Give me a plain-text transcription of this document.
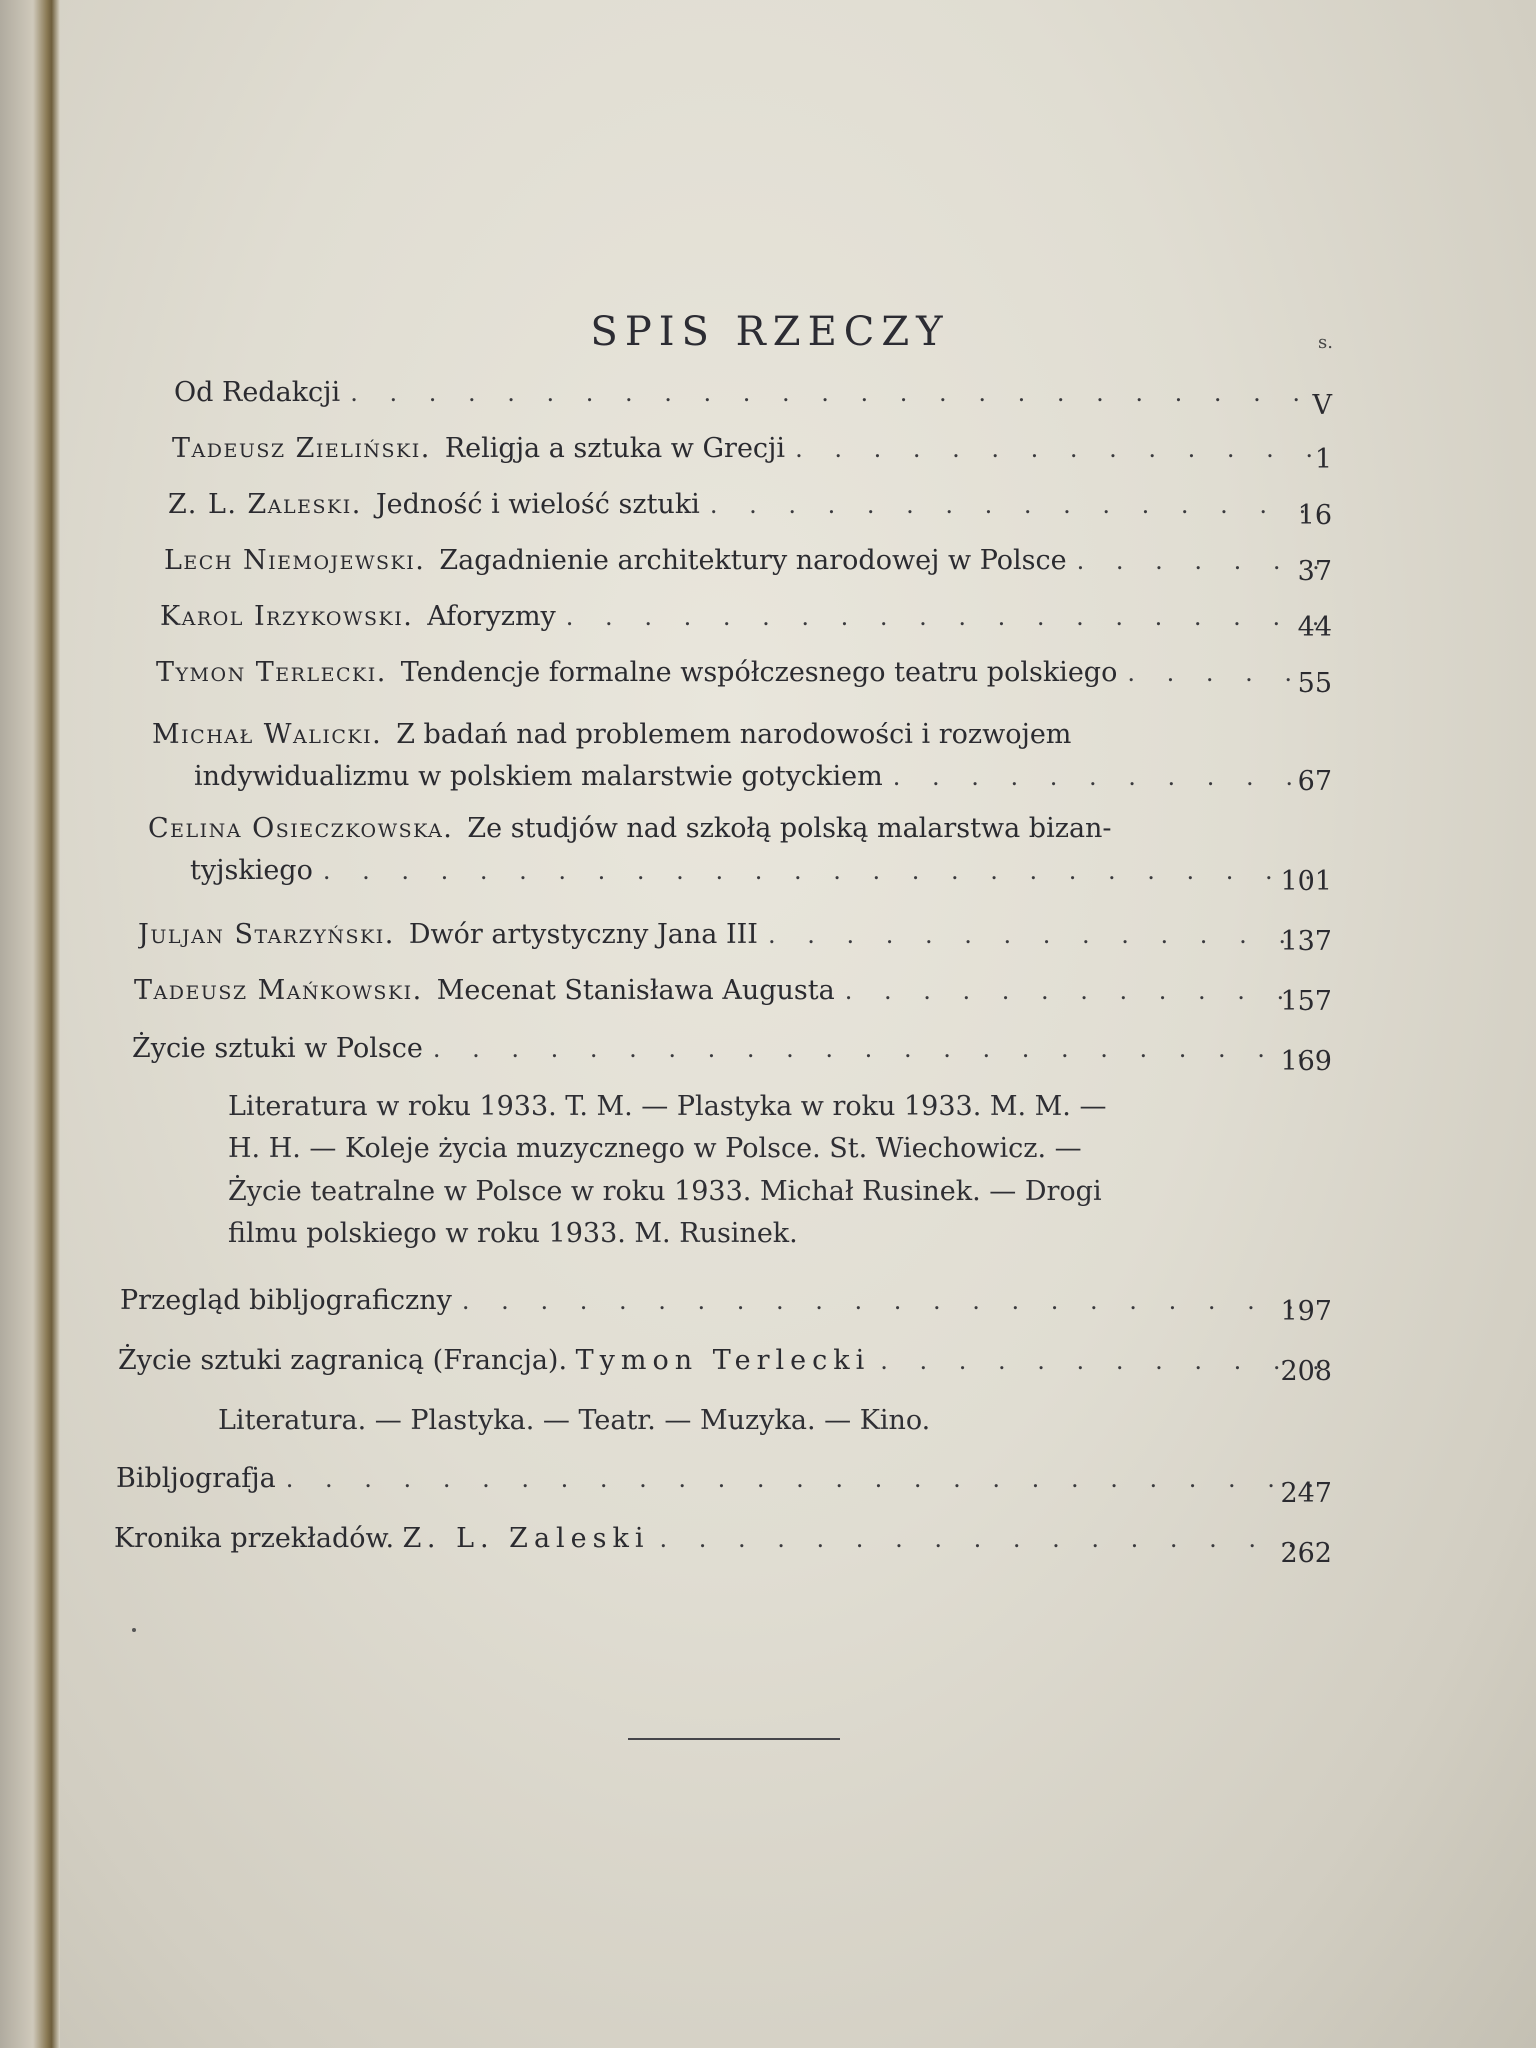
SPIS RZECZY	s.
Od Redakcji . . .	V
Tadeusz Zieliński. Religja a sztuka w Grecji . . .	1
Z. L. Zaleski. Jedność i wielość sztuki . . .	16
Lech Niemojewski. Zagadnienie architektury narodowej w Polsce . . .	37
Karol Irzykowski. Aforyzmy . . .	44
Tymon Terlecki. Tendencje formalne współczesnego teatru polskiego . . .	55
Michał Walicki. Z badań nad problemem narodowości i rozwojem
indywidualizmu w polskiem malarstwie gotyckiem . . .	67
Celina Osieczkowska. Ze studjów nad szkołą polską malarstwa bizan-
tyjskiego . . .	101
Juljan Starzyński. Dwór artystyczny Jana III . . .	137
Tadeusz Mańkowski. Mecenat Stanisława Augusta . . .	157
Życie sztuki w Polsce . . .	169
Literatura w roku 1933. T. M. — Plastyka w roku 1933. M. M. —
H. H. — Koleje życia muzycznego w Polsce. St. Wiechowicz. —
Życie teatralne w Polsce w roku 1933. Michał Rusinek. — Drogi
filmu polskiego w roku 1933. M. Rusinek.
Przegląd bibljograficzny . . .	197
Życie sztuki zagranicą (Francja). Tymon Terlecki . . .	208
Literatura. — Plastyka. — Teatr. — Muzyka. — Kino.
Bibljografja . . .	247
Kronika przekładów. Z. L. Zaleski . . .	262
